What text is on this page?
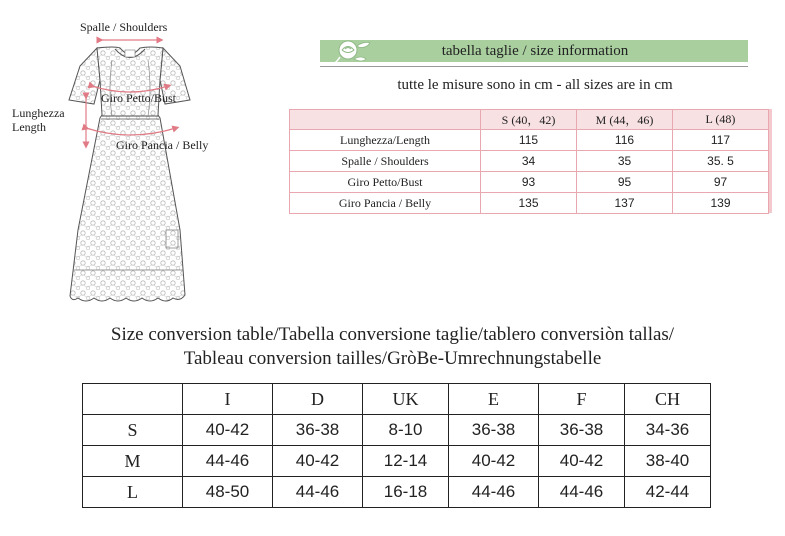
Spalle / Shoulders
Giro Petto/Bust
Lunghezza
Length
Giro Pancia / Belly
tabella taglie / size information
tutte le misure sono in cm - all sizes are in cm
	S (40，42)	M (44，46)	L (48)
Lunghezza/Length	115	116	117
Spalle / Shoulders	34	35	35. 5
Giro Petto/Bust	93	95	97
Giro Pancia / Belly	135	137	139
Size conversion table/Tabella conversione taglie/tablero conversiòn tallas/
Tableau conversion tailles/GròBe-Umrechnungstabelle
	I	D	UK	E	F	CH
S	40-42	36-38	8-10	36-38	36-38	34-36
M	44-46	40-42	12-14	40-42	40-42	38-40
L	48-50	44-46	16-18	44-46	44-46	42-44
